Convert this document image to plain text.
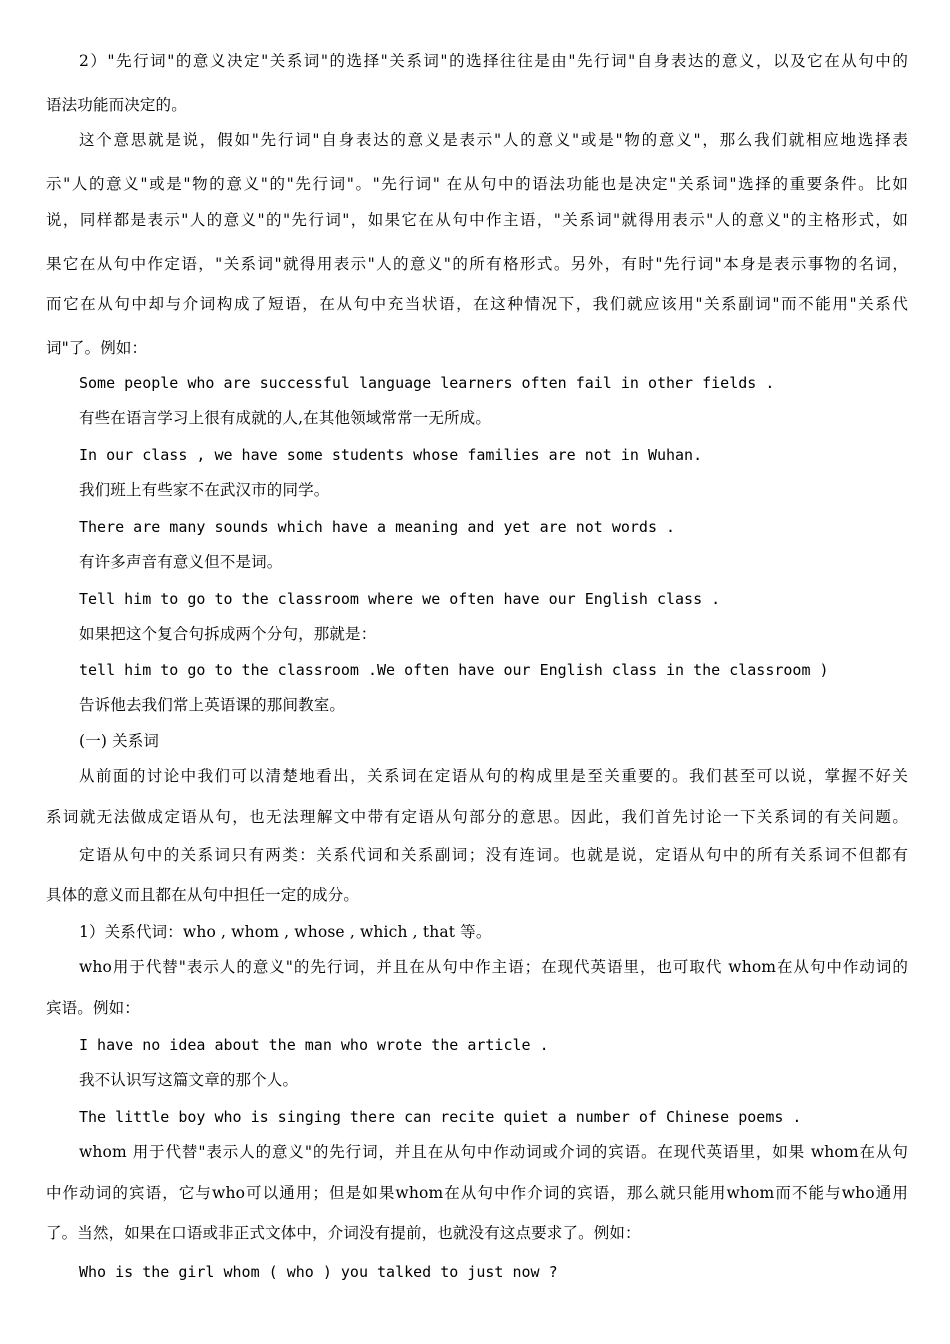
2）"先行词"的意义决定"关系词"的选择"关系词"的选择往往是由"先行词"自身表达的意义，以及它在从句中的
语法功能而决定的。
这个意思就是说，假如"先行词"自身表达的意义是表示"人的意义"或是"物的意义"，那么我们就相应地选择表
示"人的意义"或是"物的意义"的"先行词"。"先行词" 在从句中的语法功能也是决定"关系词"选择的重要条件。比如
说，同样都是表示"人的意义"的"先行词"，如果它在从句中作主语，"关系词"就得用表示"人的意义"的主格形式，如
果它在从句中作定语，"关系词"就得用表示"人的意义"的所有格形式。另外，有时"先行词"本身是表示事物的名词，
而它在从句中却与介词构成了短语，在从句中充当状语，在这种情况下，我们就应该用"关系副词"而不能用"关系代
词"了。例如：
Some people who are successful language learners often fail in other fields .
有些在语言学习上很有成就的人,在其他领域常常一无所成。
In our class , we have some students whose families are not in Wuhan.
我们班上有些家不在武汉市的同学。
There are many sounds which have a meaning and yet are not words .
有许多声音有意义但不是词。
Tell him to go to the classroom where we often have our English class .
如果把这个复合句拆成两个分句，那就是：
tell him to go to the classroom .We often have our English class in the classroom )
告诉他去我们常上英语课的那间教室。
(一) 关系词
从前面的讨论中我们可以清楚地看出，关系词在定语从句的构成里是至关重要的。我们甚至可以说，掌握不好关
系词就无法做成定语从句，也无法理解文中带有定语从句部分的意思。因此，我们首先讨论一下关系词的有关问题。
定语从句中的关系词只有两类：关系代词和关系副词；没有连词。也就是说，定语从句中的所有关系词不但都有
具体的意义而且都在从句中担任一定的成分。
1）关系代词：who , whom , whose , which , that 等。
who用于代替"表示人的意义"的先行词，并且在从句中作主语；在现代英语里，也可取代 whom在从句中作动词的
宾语。例如：
I have no idea about the man who wrote the article .
我不认识写这篇文章的那个人。
The little boy who is singing there can recite quiet a number of Chinese poems .
whom 用于代替"表示人的意义"的先行词，并且在从句中作动词或介词的宾语。在现代英语里，如果 whom在从句
中作动词的宾语，它与who可以通用；但是如果whom在从句中作介词的宾语，那么就只能用whom而不能与who通用
了。当然，如果在口语或非正式文体中，介词没有提前，也就没有这点要求了。例如：
Who is the girl whom ( who ) you talked to just now ?
